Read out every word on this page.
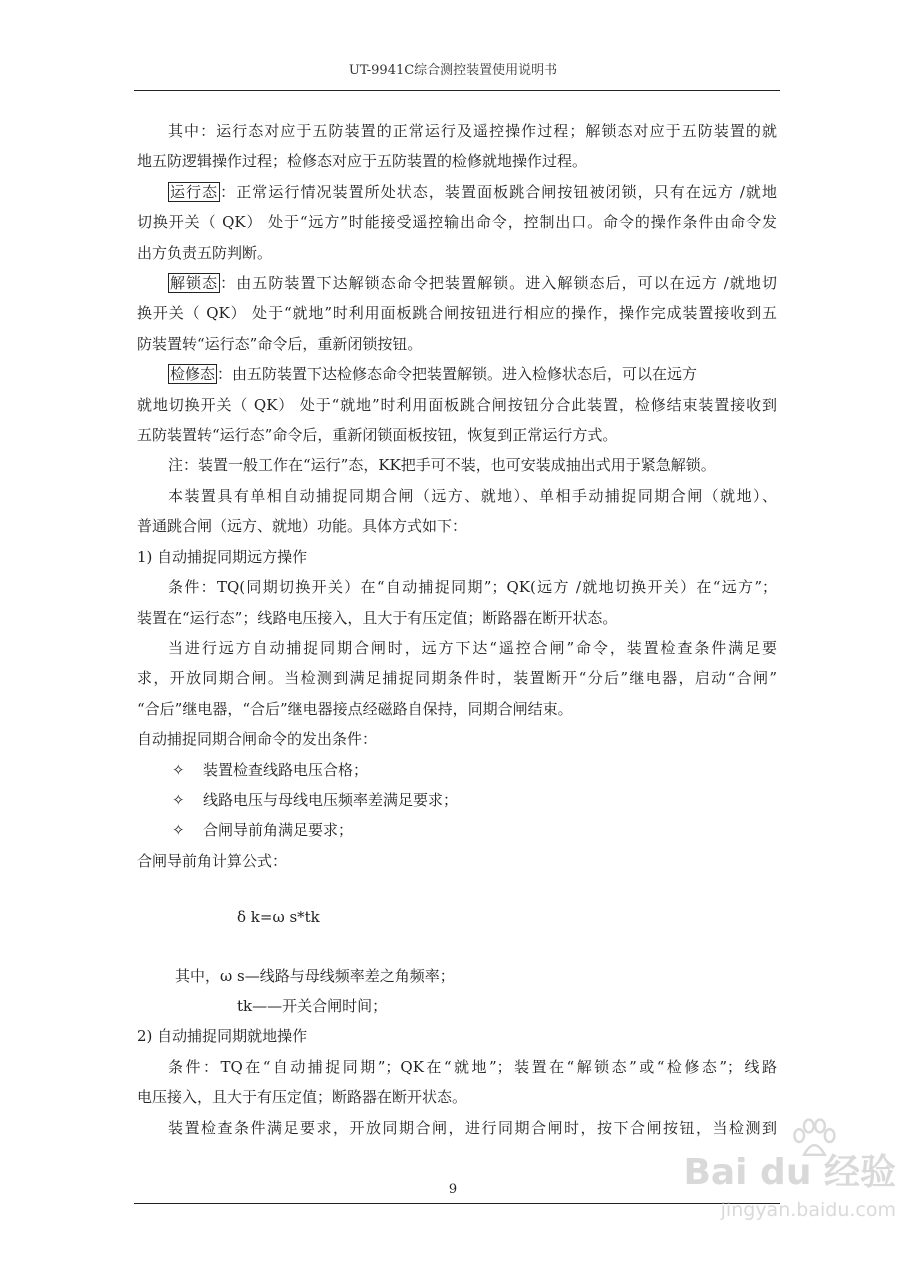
UT-9941C综合测控装置使用说明书
其中：运行态对应于五防装置的正常运行及遥控操作过程；解锁态对应于五防装置的就
地五防逻辑操作过程；检修态对应于五防装置的检修就地操作过程。
运行态 ：正常运行情况装置所处状态，装置面板跳合闸按钮被闭锁，只有在远方 /就地
切换开关（ QK） 处于“远方”时能接受遥控输出命令，控制出口。命令的操作条件由命令发
出方负责五防判断。
解锁态 ：由五防装置下达解锁态命令把装置解锁。进入解锁态后，可以在远方 /就地切
换开关（ QK） 处于“就地”时利用面板跳合闸按钮进行相应的操作，操作完成装置接收到五
防装置转“运行态”命令后，重新闭锁按钮。
检修态 ：由五防装置下达检修态命令把装置解锁。进入检修状态后，可以在远方
就地切换开关（ QK） 处于“就地”时利用面板跳合闸按钮分合此装置，检修结束装置接收到
五防装置转“运行态”命令后，重新闭锁面板按钮，恢复到正常运行方式。
注：装置一般工作在“运行”态，KK把手可不装，也可安装成抽出式用于紧急解锁。
本装置具有单相自动捕捉同期合闸（远方、就地）、单相手动捕捉同期合闸（就地）、
普通跳合闸（远方、就地）功能。具体方式如下：
1) 自动捕捉同期远方操作
条件：TQ(同期切换开关）在“自动捕捉同期”；QK(远方 /就地切换开关）在“远方”；
装置在“运行态”；线路电压接入，且大于有压定值；断路器在断开状态。
当进行远方自动捕捉同期合闸时，远方下达“遥控合闸”命令，装置检查条件满足要
求，开放同期合闸。当检测到满足捕捉同期条件时，装置断开“分后”继电器，启动“合闸”
“合后”继电器，“合后”继电器接点经磁路自保持，同期合闸结束。
自动捕捉同期合闸命令的发出条件：
✧ 装置检查线路电压合格；
✧ 线路电压与母线电压频率差满足要求；
✧ 合闸导前角满足要求；
合闸导前角计算公式：
δ k=ω s*tk
其中，ω s—线路与母线频率差之角频率；
tk——开关合闸时间；
2) 自动捕捉同期就地操作
条件：TQ在“自动捕捉同期”；QK在“就地”；装置在“解锁态”或“检修态”；线路
电压接入，且大于有压定值；断路器在断开状态。
装置检查条件满足要求，开放同期合闸，进行同期合闸时，按下合闸按钮，当检测到
9	Bai du 经验
jingyan.baidu.com
